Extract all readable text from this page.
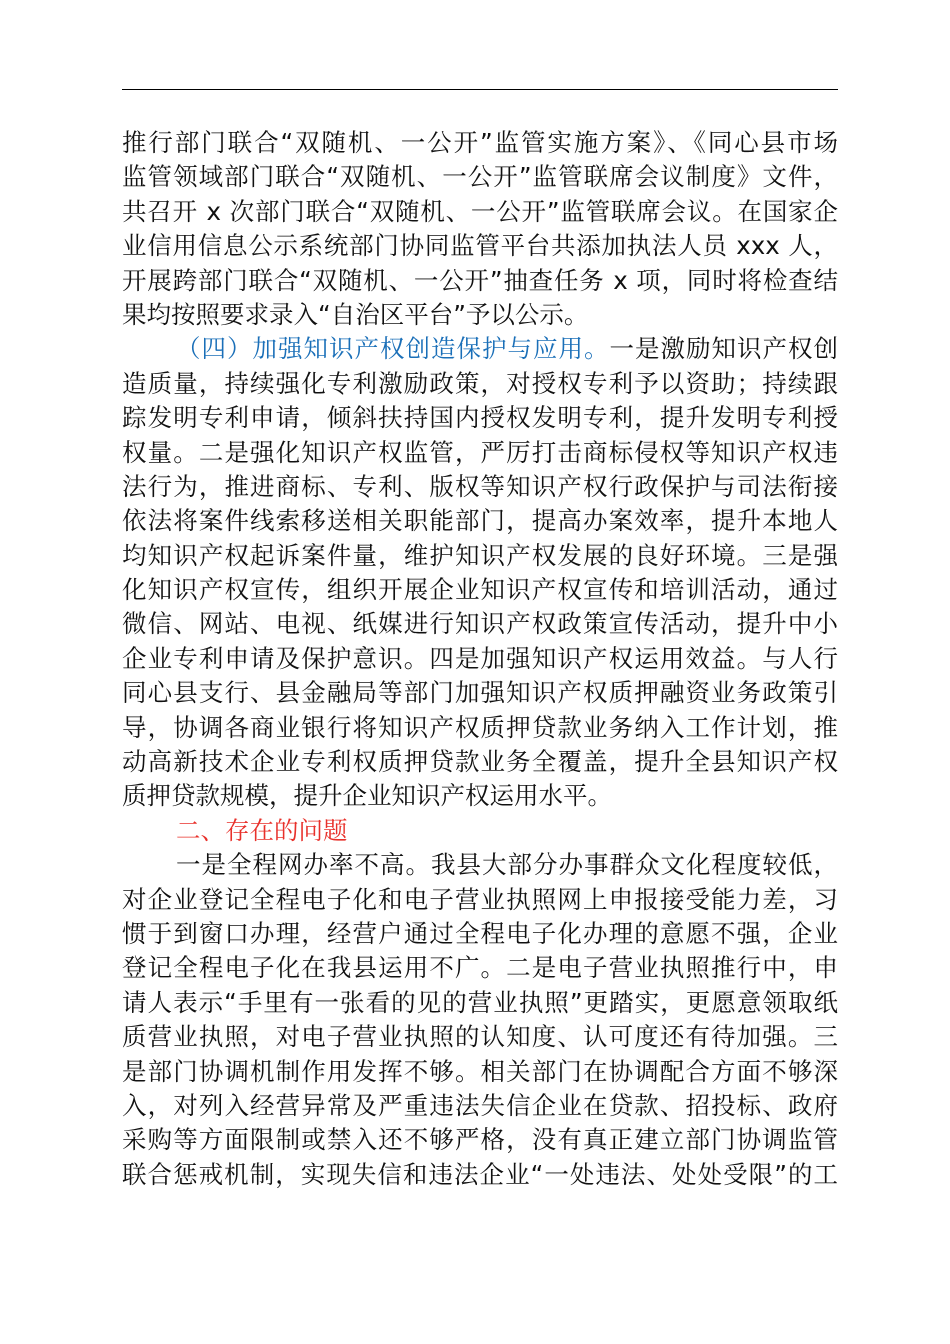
推行部门联合“双随机、一公开”监管实施方案》、《同心县市场
监管领域部门联合“双随机、一公开”监管联席会议制度》文件，
共召开 x 次部门联合“双随机、一公开”监管联席会议。在国家企
业信用信息公示系统部门协同监管平台共添加执法人员 xxx 人，
开展跨部门联合“双随机、一公开”抽查任务 x 项，同时将检查结
果均按照要求录入“自治区平台”予以公示。
（四）加强知识产权创造保护与应用。一是激励知识产权创
造质量，持续强化专利激励政策，对授权专利予以资助；持续跟
踪发明专利申请，倾斜扶持国内授权发明专利，提升发明专利授
权量。二是强化知识产权监管，严厉打击商标侵权等知识产权违
法行为，推进商标、专利、版权等知识产权行政保护与司法衔接
依法将案件线索移送相关职能部门，提高办案效率，提升本地人
均知识产权起诉案件量，维护知识产权发展的良好环境。三是强
化知识产权宣传，组织开展企业知识产权宣传和培训活动，通过
微信、网站、电视、纸媒进行知识产权政策宣传活动，提升中小
企业专利申请及保护意识。四是加强知识产权运用效益。与人行
同心县支行、县金融局等部门加强知识产权质押融资业务政策引
导，协调各商业银行将知识产权质押贷款业务纳入工作计划，推
动高新技术企业专利权质押贷款业务全覆盖，提升全县知识产权
质押贷款规模，提升企业知识产权运用水平。
二、存在的问题
一是全程网办率不高。我县大部分办事群众文化程度较低，
对企业登记全程电子化和电子营业执照网上申报接受能力差，习
惯于到窗口办理，经营户通过全程电子化办理的意愿不强，企业
登记全程电子化在我县运用不广。二是电子营业执照推行中，申
请人表示“手里有一张看的见的营业执照”更踏实，更愿意领取纸
质营业执照，对电子营业执照的认知度、认可度还有待加强。三
是部门协调机制作用发挥不够。相关部门在协调配合方面不够深
入，对列入经营异常及严重违法失信企业在贷款、招投标、政府
采购等方面限制或禁入还不够严格，没有真正建立部门协调监管
联合惩戒机制，实现失信和违法企业“一处违法、处处受限”的工
